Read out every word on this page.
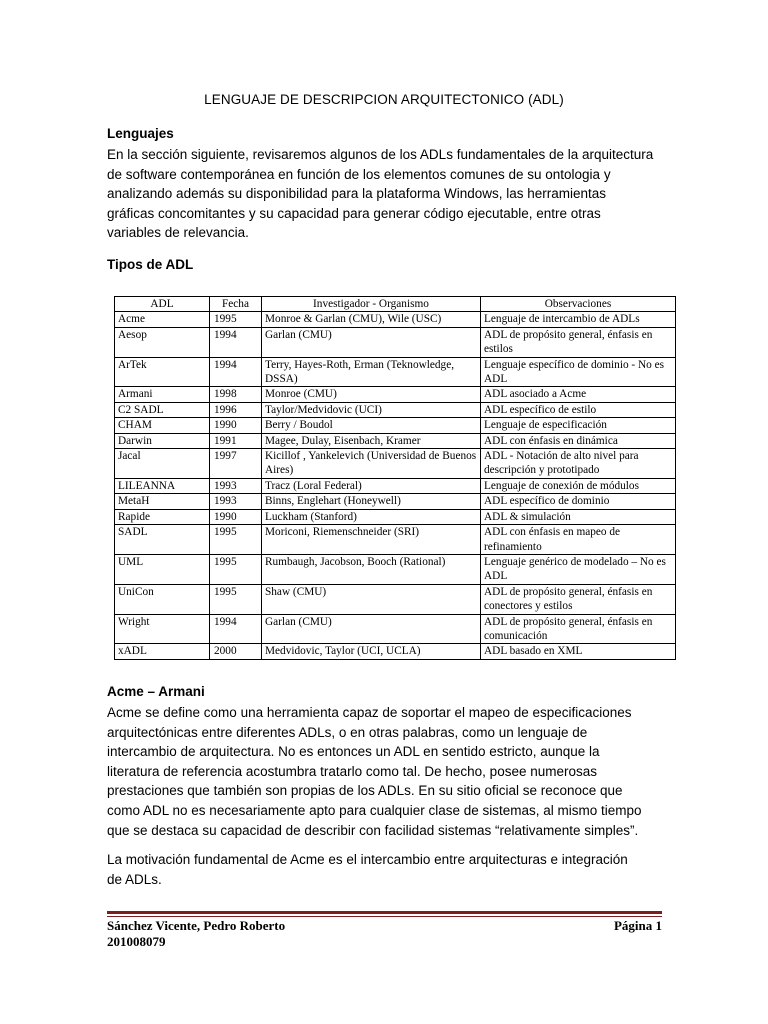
LENGUAJE DE DESCRIPCION ARQUITECTONICO (ADL)
Lenguajes
En la sección siguiente, revisaremos algunos de los ADLs fundamentales de la arquitectura
de software contemporánea en función de los elementos comunes de su ontologia y
analizando además su disponibilidad para la plataforma Windows, las herramientas
gráficas concomitantes y su capacidad para generar código ejecutable, entre otras
variables de relevancia.
Tipos de ADL
ADL	Fecha	Investigador - Organismo	Observaciones
Acme	1995	Monroe & Garlan (CMU), Wile (USC)	Lenguaje de intercambio de ADLs
Aesop	1994	Garlan (CMU)	ADL de propósito general, énfasis en estilos
ArTek	1994	Terry, Hayes-Roth, Erman (Teknowledge, DSSA)	Lenguaje específico de dominio - No es ADL
Armani	1998	Monroe (CMU)	ADL asociado a Acme
C2 SADL	1996	Taylor/Medvidovic (UCI)	ADL específico de estilo
CHAM	1990	Berry / Boudol	Lenguaje de especificación
Darwin	1991	Magee, Dulay, Eisenbach, Kramer	ADL con énfasis en dinámica
Jacal	1997	Kicillof , Yankelevich (Universidad de Buenos Aires)	ADL - Notación de alto nivel para descripción y prototipado
LILEANNA	1993	Tracz (Loral Federal)	Lenguaje de conexión de módulos
MetaH	1993	Binns, Englehart (Honeywell)	ADL específico de dominio
Rapide	1990	Luckham (Stanford)	ADL & simulación
SADL	1995	Moriconi, Riemenschneider (SRI)	ADL con énfasis en mapeo de refinamiento
UML	1995	Rumbaugh, Jacobson, Booch (Rational)	Lenguaje genérico de modelado – No es ADL
UniCon	1995	Shaw (CMU)	ADL de propósito general, énfasis en conectores y estilos
Wright	1994	Garlan (CMU)	ADL de propósito general, énfasis en comunicación
xADL	2000	Medvidovic, Taylor (UCI, UCLA)	ADL basado en XML
Acme – Armani
Acme se define como una herramienta capaz de soportar el mapeo de especificaciones
arquitectónicas entre diferentes ADLs, o en otras palabras, como un lenguaje de
intercambio de arquitectura. No es entonces un ADL en sentido estricto, aunque la
literatura de referencia acostumbra tratarlo como tal. De hecho, posee numerosas
prestaciones que también son propias de los ADLs. En su sitio oficial se reconoce que
como ADL no es necesariamente apto para cualquier clase de sistemas, al mismo tiempo
que se destaca su capacidad de describir con facilidad sistemas “relativamente simples”.
La motivación fundamental de Acme es el intercambio entre arquitecturas e integración
de ADLs.
Sánchez Vicente, Pedro Roberto
201008079
Página 1
